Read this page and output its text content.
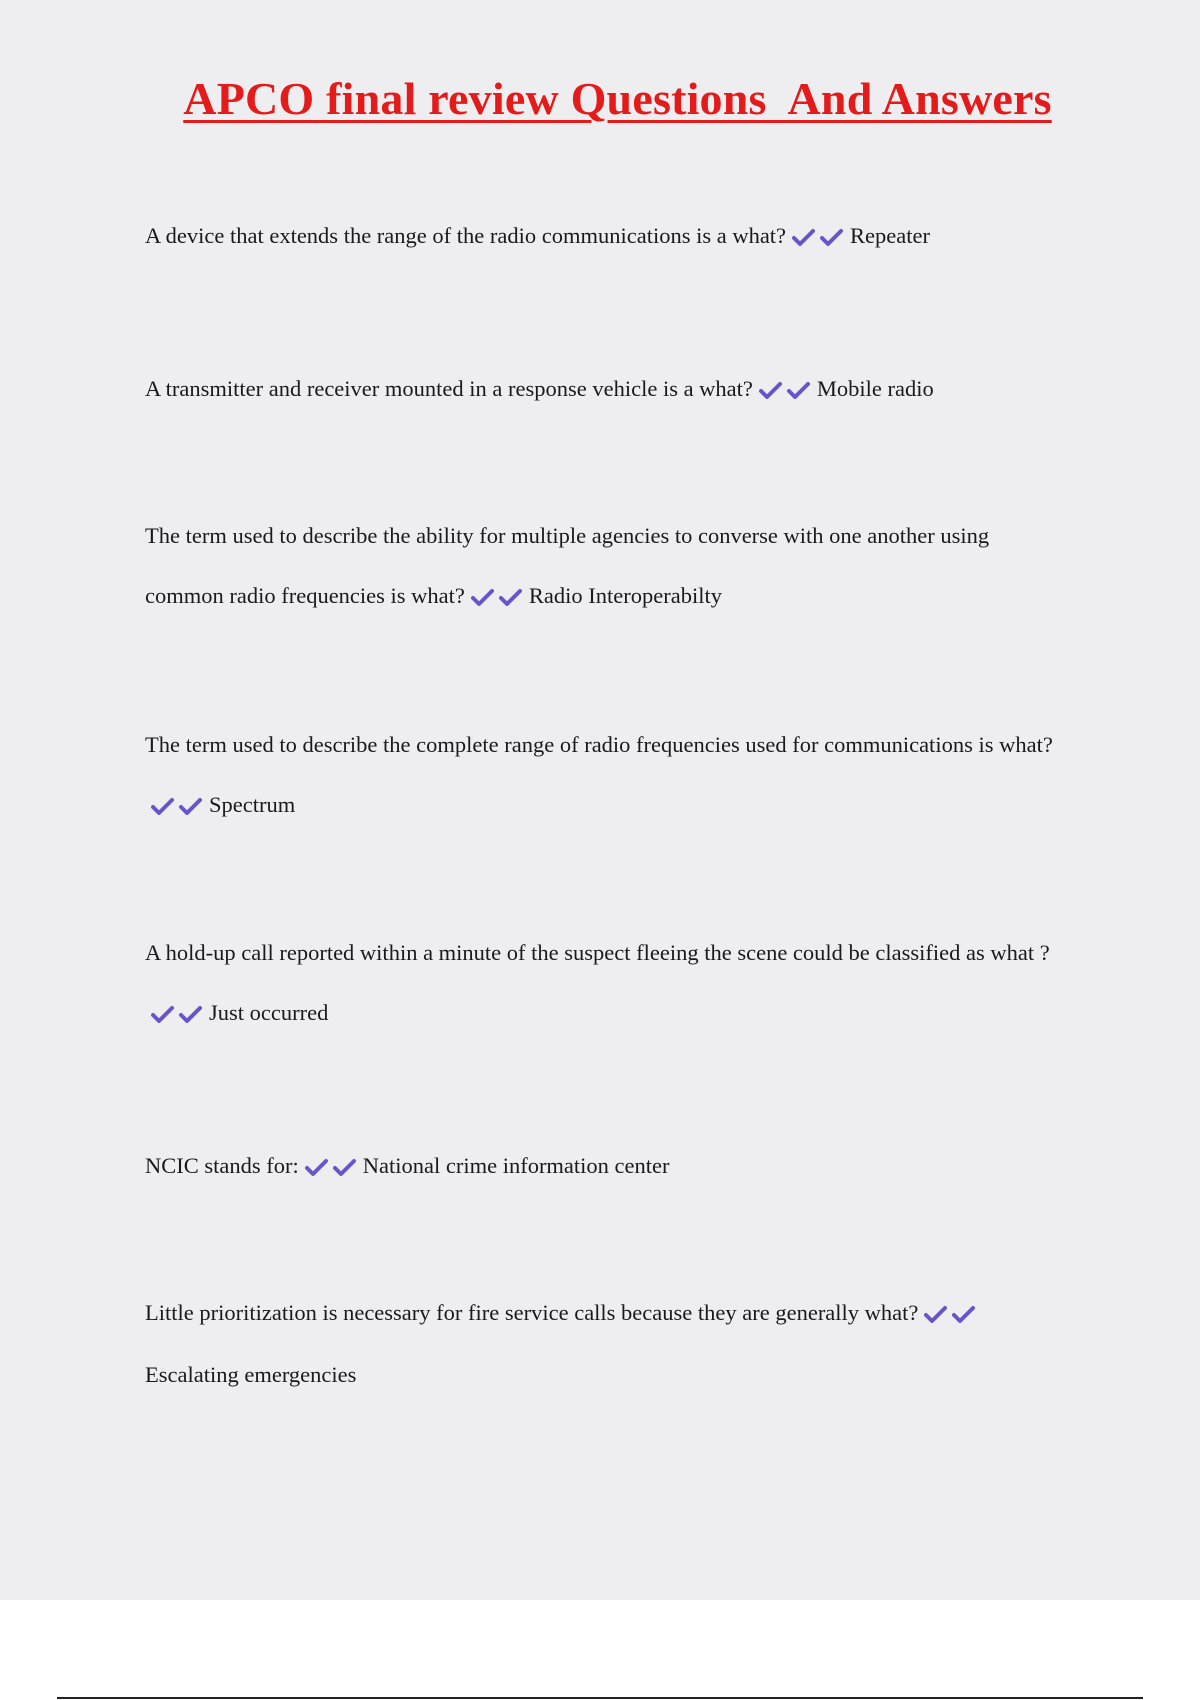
APCO final review Questions  And Answers

A device that extends the range of the radio communications is a what?	Repeater

A transmitter and receiver mounted in a response vehicle is a what?	Mobile radio

The term used to describe the ability for multiple agencies to converse with one another using common radio frequencies is what?	Radio Interoperabilty

The term used to describe the complete range of radio frequencies used for communications is what?Spectrum

A hold-up call reported within a minute of the suspect fleeing the scene could be classified as what ?Just occurred

NCIC stands for:	National crime information center

Little prioritization is necessary for fire service calls because they are generally what?Escalating emergencies
